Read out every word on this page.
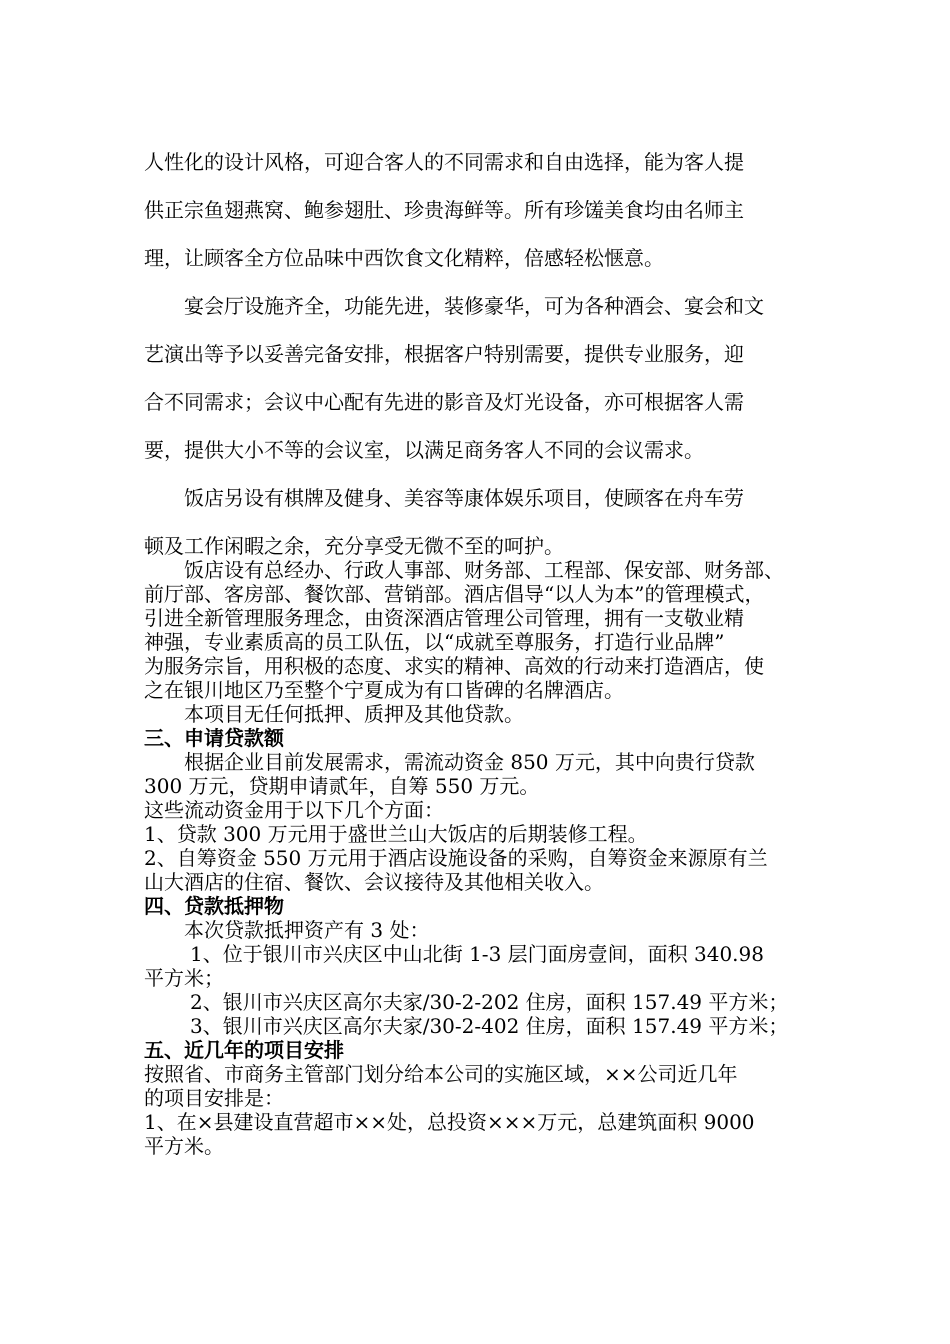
人性化的设计风格，可迎合客人的不同需求和自由选择，能为客人提
供正宗鱼翅燕窝、鲍参翅肚、珍贵海鲜等。所有珍馐美食均由名师主
理，让顾客全方位品味中西饮食文化精粹，倍感轻松惬意。
宴会厅设施齐全，功能先进，装修豪华，可为各种酒会、宴会和文
艺演出等予以妥善完备安排，根据客户特别需要，提供专业服务，迎
合不同需求；会议中心配有先进的影音及灯光设备，亦可根据客人需
要，提供大小不等的会议室，以满足商务客人不同的会议需求。
饭店另设有棋牌及健身、美容等康体娱乐项目，使顾客在舟车劳
顿及工作闲暇之余，充分享受无微不至的呵护。
饭店设有总经办、行政人事部、财务部、工程部、保安部、财务部、
前厅部、客房部、餐饮部、营销部。酒店倡导“以人为本”的管理模式，
引进全新管理服务理念，由资深酒店管理公司管理，拥有一支敬业精
神强，专业素质高的员工队伍，以“成就至尊服务，打造行业品牌”
为服务宗旨，用积极的态度、求实的精神、高效的行动来打造酒店，使
之在银川地区乃至整个宁夏成为有口皆碑的名牌酒店。
本项目无任何抵押、质押及其他贷款。
三、申请贷款额
根据企业目前发展需求，需流动资金 850 万元，其中向贵行贷款
300 万元，贷期申请贰年，自筹 550 万元。
这些流动资金用于以下几个方面：
1、贷款 300 万元用于盛世兰山大饭店的后期装修工程。
2、自筹资金 550 万元用于酒店设施设备的采购，自筹资金来源原有兰
山大酒店的住宿、餐饮、会议接待及其他相关收入。
四、贷款抵押物
本次贷款抵押资产有 3 处：
1、位于银川市兴庆区中山北街 1-3 层门面房壹间，面积 340.98
平方米；
2、银川市兴庆区高尔夫家/30-2-202 住房，面积 157.49 平方米；
3、银川市兴庆区高尔夫家/30-2-402 住房，面积 157.49 平方米；
五、近几年的项目安排
按照省、市商务主管部门划分给本公司的实施区域，××公司近几年
的项目安排是：
1、在×县建设直营超市××处，总投资×××万元，总建筑面积 9000
平方米。
